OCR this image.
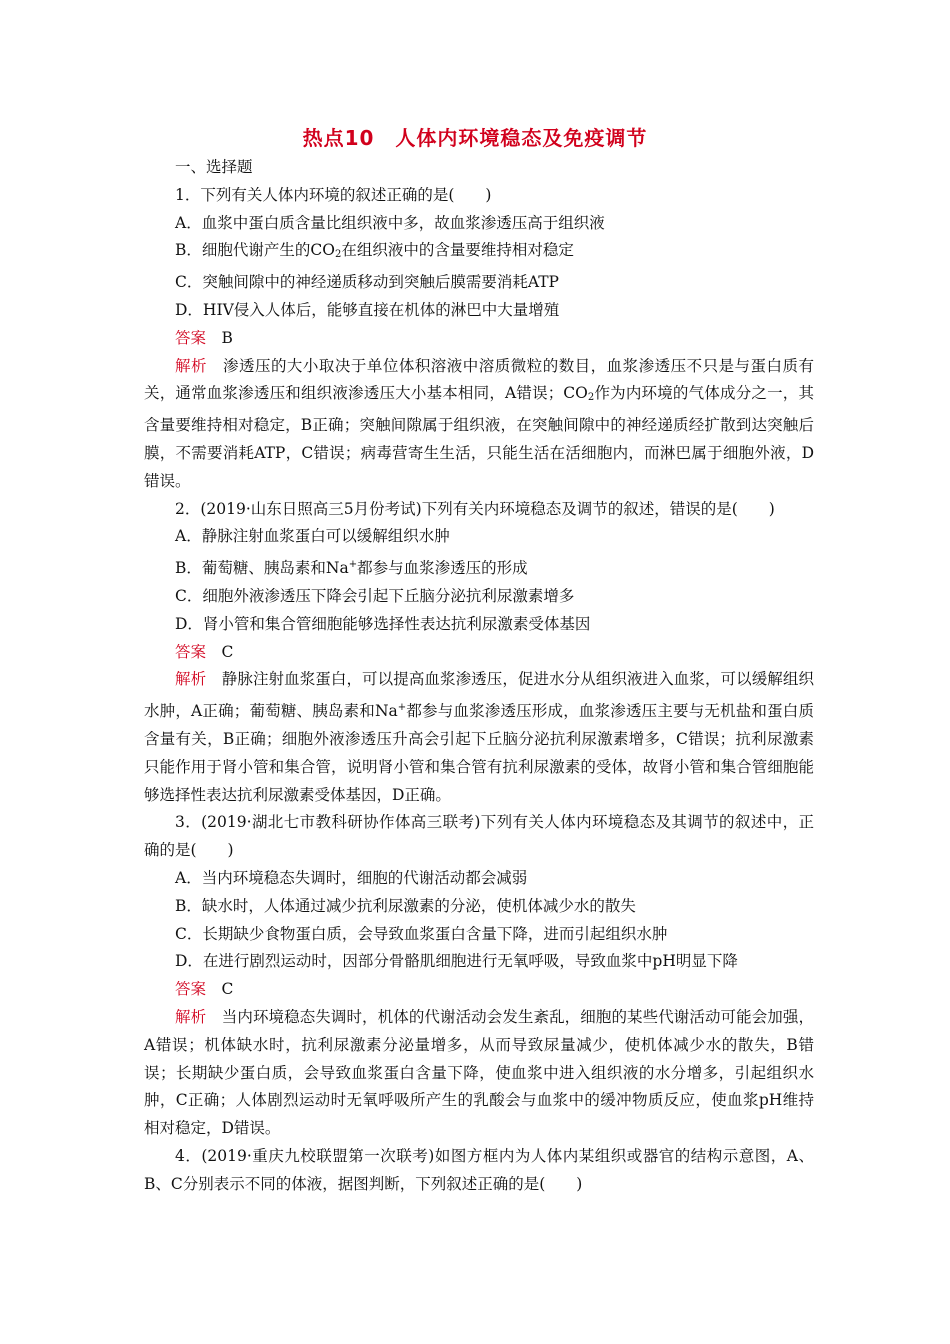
热点10　人体内环境稳态及免疫调节
一、选择题
1．下列有关人体内环境的叙述正确的是(　　)
A．血浆中蛋白质含量比组织液中多，故血浆渗透压高于组织液
B．细胞代谢产生的$CO_2$在组织液中的含量要维持相对稳定
C．突触间隙中的神经递质移动到突触后膜需要消耗ATP
D．HIV侵入人体后，能够直接在机体的淋巴中大量增殖
答案　 B
解析　 渗透压的大小取决于单位体积溶液中溶质微粒的数目，血浆渗透压不只是与蛋白质有关，通常血浆渗透压和组织液渗透压大小基本相同，A错误；$CO_2$作为内环境的气体成分之一，其含量要维持相对稳定，B正确；突触间隙属于组织液，在突触间隙中的神经递质经扩散到达突触后膜，不需要消耗ATP，C错误；病毒营寄生生活，只能生活在活细胞内，而淋巴属于细胞外液，D错误。
2．(2019·山东日照高三5月份考试)下列有关内环境稳态及调节的叙述，错误的是(　　)
A．静脉注射血浆蛋白可以缓解组织水肿
B．葡萄糖、胰岛素和Na+都参与血浆渗透压的形成
C．细胞外液渗透压下降会引起下丘脑分泌抗利尿激素增多
D．肾小管和集合管细胞能够选择性表达抗利尿激素受体基因
答案　 C
解析　 静脉注射血浆蛋白，可以提高血浆渗透压，促进水分从组织液进入血浆，可以缓解组织水肿，A正确；葡萄糖、胰岛素和Na+都参与血浆渗透压形成，血浆渗透压主要与无机盐和蛋白质含量有关，B正确；细胞外液渗透压升高会引起下丘脑分泌抗利尿激素增多，C错误；抗利尿激素只能作用于肾小管和集合管，说明肾小管和集合管有抗利尿激素的受体，故肾小管和集合管细胞能够选择性表达抗利尿激素受体基因，D正确。
3．(2019·湖北七市教科研协作体高三联考)下列有关人体内环境稳态及其调节的叙述中，正确的是(　　)
A．当内环境稳态失调时，细胞的代谢活动都会减弱
B．缺水时，人体通过减少抗利尿激素的分泌，使机体减少水的散失
C．长期缺少食物蛋白质，会导致血浆蛋白含量下降，进而引起组织水肿
D．在进行剧烈运动时，因部分骨骼肌细胞进行无氧呼吸，导致血浆中pH明显下降
答案　 C
解析　 当内环境稳态失调时，机体的代谢活动会发生紊乱，细胞的某些代谢活动可能会加强，A错误；机体缺水时，抗利尿激素分泌量增多，从而导致尿量减少，使机体减少水的散失，B错误；长期缺少蛋白质，会导致血浆蛋白含量下降，使血浆中进入组织液的水分增多，引起组织水肿，C正确；人体剧烈运动时无氧呼吸所产生的乳酸会与血浆中的缓冲物质反应，使血浆pH维持相对稳定，D错误。
4．(2019·重庆九校联盟第一次联考)如图方框内为人体内某组织或器官的结构示意图，A、B、C分别表示不同的体液，据图判断，下列叙述正确的是(　　)
